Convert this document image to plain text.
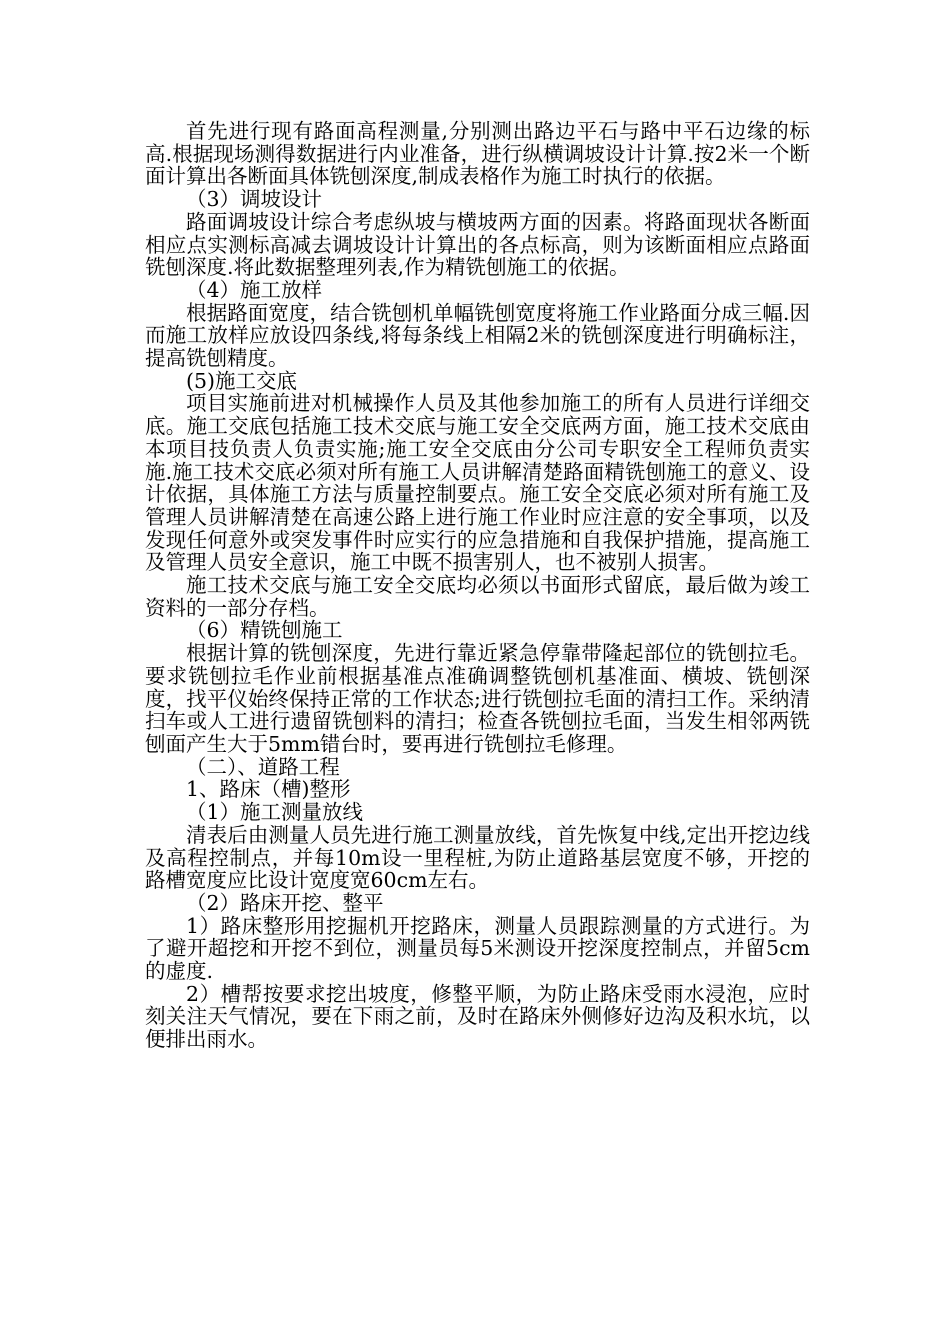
首先进行现有路面高程测量,分别测出路边平石与路中平石边缘的标高.根据现场测得数据进行内业准备，进行纵横调坡设计计算.按2米一个断面计算出各断面具体铣刨深度,制成表格作为施工时执行的依据。

（3）调坡设计

路面调坡设计综合考虑纵坡与横坡两方面的因素。将路面现状各断面相应点实测标高减去调坡设计计算出的各点标高，则为该断面相应点路面铣刨深度.将此数据整理列表,作为精铣刨施工的依据。

（4）施工放样

根据路面宽度，结合铣刨机单幅铣刨宽度将施工作业路面分成三幅.因而施工放样应放设四条线,将每条线上相隔2米的铣刨深度进行明确标注，提高铣刨精度。

(5)施工交底

项目实施前进对机械操作人员及其他参加施工的所有人员进行详细交底。施工交底包括施工技术交底与施工安全交底两方面，施工技术交底由本项目技负责人负责实施;施工安全交底由分公司专职安全工程师负责实施.施工技术交底必须对所有施工人员讲解清楚路面精铣刨施工的意义、设计依据，具体施工方法与质量控制要点。施工安全交底必须对所有施工及管理人员讲解清楚在高速公路上进行施工作业时应注意的安全事项，以及发现任何意外或突发事件时应实行的应急措施和自我保护措施，提高施工及管理人员安全意识，施工中既不损害别人，也不被别人损害。

施工技术交底与施工安全交底均必须以书面形式留底，最后做为竣工资料的一部分存档。

（6）精铣刨施工

根据计算的铣刨深度，先进行靠近紧急停靠带隆起部位的铣刨拉毛。要求铣刨拉毛作业前根据基准点准确调整铣刨机基准面、横坡、铣刨深度，找平仪始终保持正常的工作状态;进行铣刨拉毛面的清扫工作。采纳清扫车或人工进行遗留铣刨料的清扫；检查各铣刨拉毛面，当发生相邻两铣刨面产生大于5mm错台时，要再进行铣刨拉毛修理。

（二）、道路工程

1、路床（槽)整形

（1）施工测量放线

清表后由测量人员先进行施工测量放线，首先恢复中线,定出开挖边线及高程控制点，并每10m设一里程桩,为防止道路基层宽度不够，开挖的路槽宽度应比设计宽度宽60cm左右。

（2）路床开挖、整平

1）路床整形用挖掘机开挖路床，测量人员跟踪测量的方式进行。为了避开超挖和开挖不到位，测量员每5米测设开挖深度控制点，并留5cm的虚度.

2）槽帮按要求挖出坡度，修整平顺，为防止路床受雨水浸泡，应时刻关注天气情况，要在下雨之前，及时在路床外侧修好边沟及积水坑，以便排出雨水。
